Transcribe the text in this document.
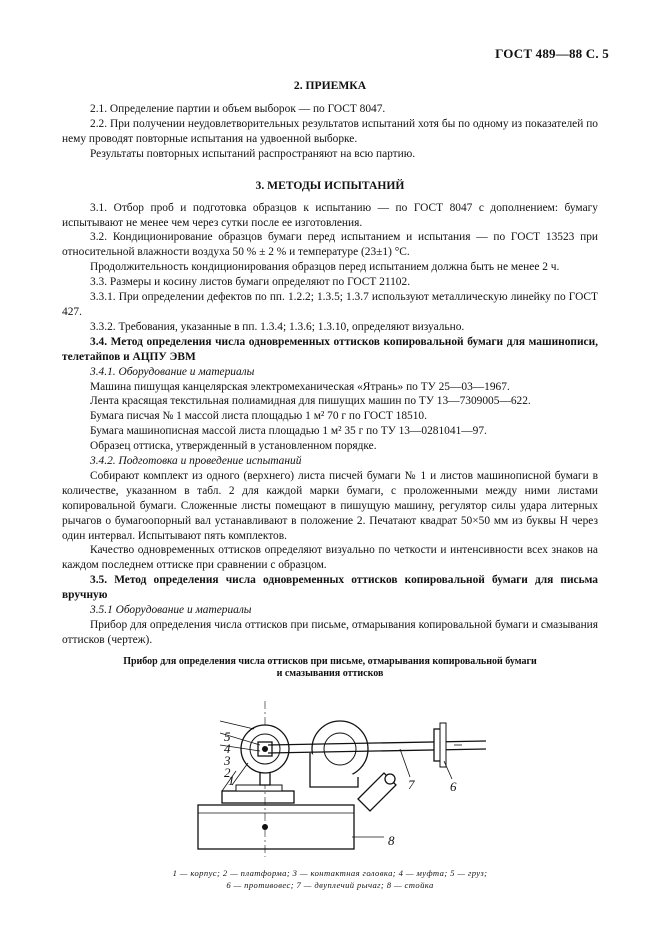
ГОСТ 489—88 С. 5
2. ПРИЕМКА

2.1. Определение партии и объем выборок — по ГОСТ 8047.

2.2. При получении неудовлетворительных результатов испытаний хотя бы по одному из показателей по нему проводят повторные испытания на удвоенной выборке.

Результаты повторных испытаний распространяют на всю партию.

3. МЕТОДЫ ИСПЫТАНИЙ

3.1. Отбор проб и подготовка образцов к испытанию — по ГОСТ 8047 с дополнением: бумагу испытывают не менее чем через сутки после ее изготовления.

3.2. Кондиционирование образцов бумаги перед испытанием и испытания — по ГОСТ 13523 при относительной влажности воздуха 50 % ± 2 % и температуре (23±1) °С.

Продолжительность кондиционирования образцов перед испытанием должна быть не менее 2 ч.

3.3. Размеры и косину листов бумаги определяют по ГОСТ 21102.

3.3.1. При определении дефектов по пп. 1.2.2; 1.3.5; 1.3.7 используют металлическую линейку по ГОСТ 427.

3.3.2. Требования, указанные в пп. 1.3.4; 1.3.6; 1.3.10, определяют визуально.

3.4. Метод определения числа одновременных оттисков копировальной бумаги для машинописи, телетайпов и АЦПУ ЭВМ

3.4.1. Оборудование и материалы

Машина пишущая канцелярская электромеханическая «Ятрань» по ТУ 25—03—1967.

Лента красящая текстильная полиамидная для пишущих машин по ТУ 13—7309005—622.

Бумага писчая № 1 массой листа площадью 1 м² 70 г по ГОСТ 18510.

Бумага машинописная массой листа площадью 1 м² 35 г по ТУ 13—0281041—97.

Образец оттиска, утвержденный в установленном порядке.

3.4.2. Подготовка и проведение испытаний

Собирают комплект из одного (верхнего) листа писчей бумаги № 1 и листов машинописной бумаги в количестве, указанном в табл. 2 для каждой марки бумаги, с проложенными между ними листами копировальной бумаги. Сложенные листы помещают в пишущую машину, регулятор силы удара литерных рычагов о бумагоопорный вал устанавливают в положение 2. Печатают квадрат 50×50 мм из буквы Н через один интервал. Испытывают пять комплектов.

Качество одновременных оттисков определяют визуально по четкости и интенсивности всех знаков на каждом последнем оттиске при сравнении с образцом.

3.5. Метод определения числа одновременных оттисков копировальной бумаги для письма вручную

3.5.1 Оборудование и материалы

Прибор для определения числа оттисков при письме, отмарывания копировальной бумаги и смазывания оттисков (чертеж).

Прибор для определения числа оттисков при письме, отмарывания копировальной бумаги
и смазывания оттисков
1
2
3
4
5
6
7
8
1 — корпус; 2 — платформа; 3 — контактная головка; 4 — муфта; 5 — груз;
6 — противовес; 7 — двуплечий рычаг; 8 — стойка
